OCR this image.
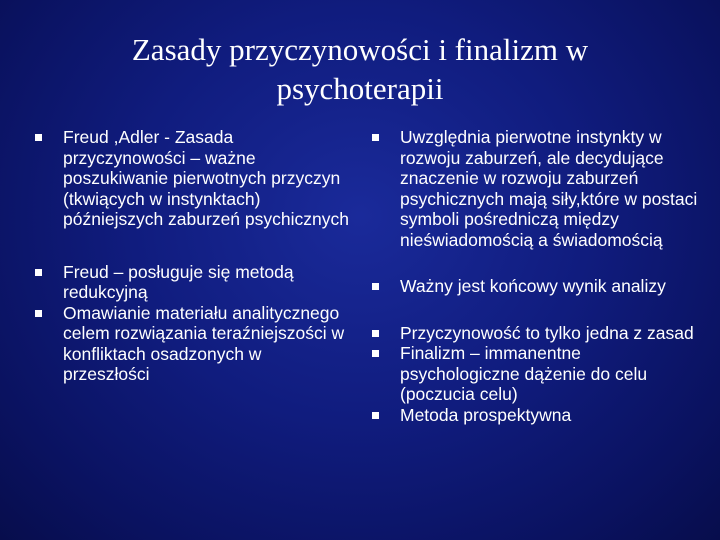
Zasady przyczynowości i finalizm w
psychoterapii
Freud ,Adler - Zasada przyczynowości – ważne poszukiwanie pierwotnych przyczyn (tkwiących w instynktach) późniejszych zaburzeń psychicznych
Freud – posługuje się metodą redukcyjną
Omawianie materiału analitycznego celem rozwiązania teraźniejszości w konfliktach osadzonych w przeszłości
Uwzględnia pierwotne instynkty w rozwoju zaburzeń, ale decydujące znaczenie w rozwoju zaburzeń psychicznych mają siły,które w postaci symboli pośredniczą między nieświadomością a świadomością
Ważny jest końcowy wynik analizy
Przyczynowość to tylko jedna z zasad
Finalizm – immanentne psychologiczne dążenie do celu (poczucia celu)
Metoda prospektywna
